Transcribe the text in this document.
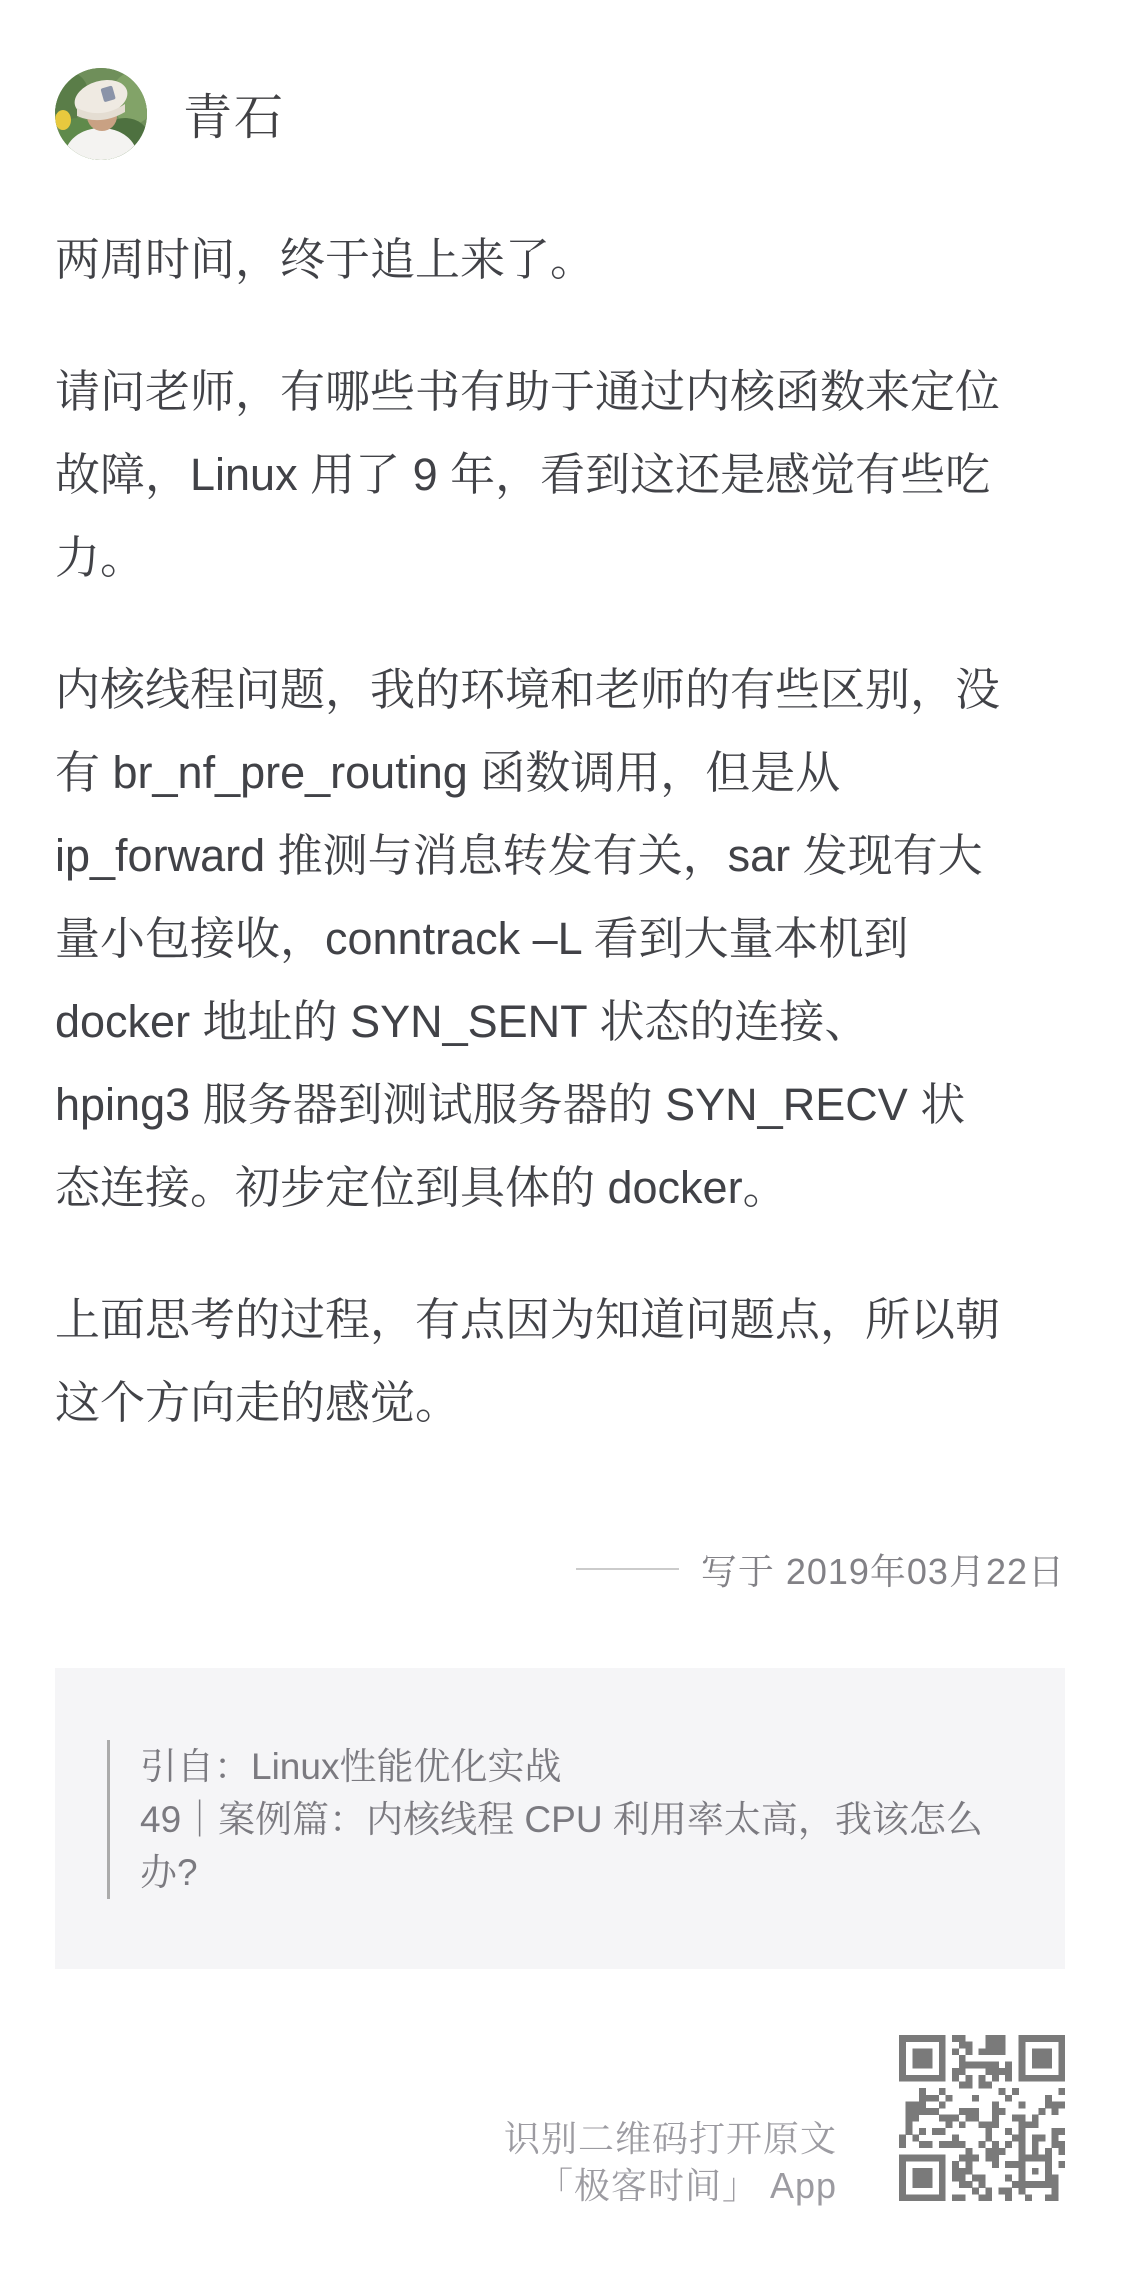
青石
两周时间，终于追上来了。
请问老师，有哪些书有助于通过内核函数来定位
故障，Linux 用了 9 年，看到这还是感觉有些吃
力。
内核线程问题，我的环境和老师的有些区别，没
有 br_nf_pre_routing 函数调用，但是从
ip_forward 推测与消息转发有关，sar 发现有大
量小包接收，conntrack –L 看到大量本机到
docker 地址的 SYN_SENT 状态的连接、
hping3 服务器到测试服务器的 SYN_RECV 状
态连接。初步定位到具体的 docker。
上面思考的过程，有点因为知道问题点，所以朝
这个方向走的感觉。
写于 2019年03月22日
引自：Linux性能优化实战
49｜案例篇：内核线程 CPU 利用率太高，我该怎么
办?
识别二维码打开原文
「极客时间」 App
